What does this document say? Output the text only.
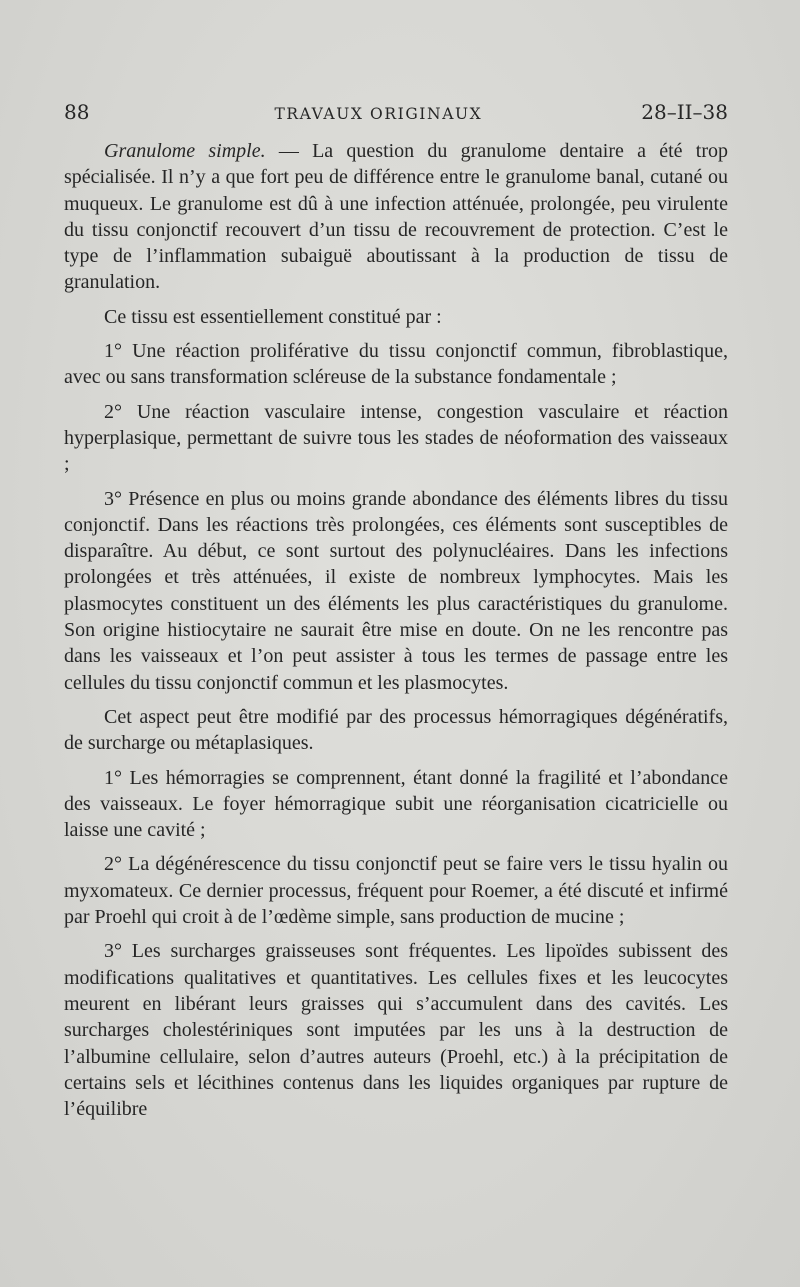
88	TRAVAUX ORIGINAUX	28–II–38

Granulome simple. — La question du granulome dentaire a été trop spécialisée. Il n’y a que fort peu de différence entre le granulome banal, cutané ou muqueux. Le granulome est dû à une infection atténuée, prolongée, peu virulente du tissu conjonctif recouvert d’un tissu de recouvrement de protection. C’est le type de l’inflammation subaiguë aboutissant à la production de tissu de granulation.

Ce tissu est essentiellement constitué par :

1° Une réaction proliférative du tissu conjonctif commun, fibroblastique, avec ou sans transformation scléreuse de la substance fondamentale ;

2° Une réaction vasculaire intense, congestion vasculaire et réaction hyperplasique, permettant de suivre tous les stades de néoformation des vaisseaux ;

3° Présence en plus ou moins grande abondance des éléments libres du tissu conjonctif. Dans les réactions très prolongées, ces éléments sont susceptibles de disparaître. Au début, ce sont surtout des polynucléaires. Dans les infections prolongées et très atténuées, il existe de nombreux lymphocytes. Mais les plasmocytes constituent un des éléments les plus caractéristiques du granulome. Son origine histiocytaire ne saurait être mise en doute. On ne les rencontre pas dans les vaisseaux et l’on peut assister à tous les termes de passage entre les cellules du tissu conjonctif commun et les plasmocytes.

Cet aspect peut être modifié par des processus hémorragiques dégénératifs, de surcharge ou métaplasiques.

1° Les hémorragies se comprennent, étant donné la fragilité et l’abondance des vaisseaux. Le foyer hémorragique subit une réorganisation cicatricielle ou laisse une cavité ;

2° La dégénérescence du tissu conjonctif peut se faire vers le tissu hyalin ou myxomateux. Ce dernier processus, fréquent pour Roemer, a été discuté et infirmé par Proehl qui croit à de l’œdème simple, sans production de mucine ;

3° Les surcharges graisseuses sont fréquentes. Les lipoïdes subissent des modifications qualitatives et quantitatives. Les cellules fixes et les leucocytes meurent en libérant leurs graisses qui s’accumulent dans des cavités. Les surcharges cholestériniques sont imputées par les uns à la destruction de l’albumine cellulaire, selon d’autres auteurs (Proehl, etc.) à la précipitation de certains sels et lécithines contenus dans les liquides organiques par rupture de l’équilibre
